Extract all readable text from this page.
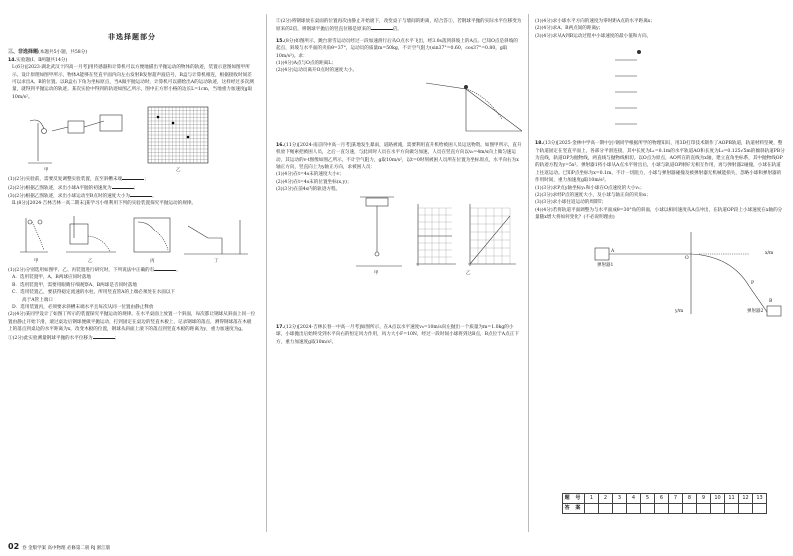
非选择题部分
三、非选择题(本题共5小题，共58分)
14.实验题(Ⅰ、Ⅱ两题共14分)
Ⅰ.(6分)[2023·湖北武汉十四高一月考]用传感器和计算机可以方便地描出平抛运动的物体的轨迹，装置示意图如图甲所示。设计原理如图甲所示，物体A能够在竖直平面内向左右发射B发射超声波信号，B盒与计算机相连，根据接收时间差可以求出A、B的位置。以B盒右下角为坐标原点，当A做平抛运动时，计算机可以描绘出A的运动轨迹，这样经过多次测量，就得到平抛运动的轨迹。某次实验中得到的轨迹如图乙所示，图中正方形小格的边长L=1cm，当地重力加速度g取10m/s²。
甲	乙
(1)(2分)实验前，需要反复调整实验装置，直至斜槽末端	；
(2)(2分)根据乙图轨迹，求出小球A平抛的初速度为	；
(3)(2分)根据乙图轨迹，求出小球运动至B点时的速度大小为	。
Ⅱ.(8分)[2024·吉林吉林一高二期末]某学习小组利用下列的实验装置探究平抛运动的规律。
甲	乙	丙	丁
(1)(2分)分别选用如图甲、乙、丙装置进行研究时，下列说法中正确的有	。
A．选用装置甲，A、B两球应同时落地
B．选用装置甲，需要用眼睛仔细观察A、B两球是否同时落地
C．选用装置乙，要获得稳定流速的水柱，所用竖直管A的上端必须处在水面以下
高于A管上端口
D．选用装置丙，必须要求斜槽末端水平且每次从同一位置由静止释放
(2)(4分)某同学设计了如图丁所示的装置探究平抛运动的规律。在水平桌面上放置一个斜面，每次都让钢球从斜面上同一位置由静止开始下滑，滚过桌边后钢球便做平抛运动，打到固定在桌边的竖直木板上，记录钢球的落点，测得钢球落在木板上的落点到桌边的水平距离为x，改变木板的位置，钢球从斜面上滚下的落点到竖直木板的距离为y，重力加速度为g。
①(2分)此实验测量钢球平抛的水平位移为	；
②(2分)将钢球放在桌面的位置再次由静止开始滚下，改变桌子与墙间的距离，结合答①，若钢球平抛的实际水平位移变为原来的2倍，则钢球平抛后的竖直位移是原来的	倍。
15.(8分)如图所示，跳台滑雪运动员经过一段加速滑行后从O点水平飞出，经3.0s落到斜坡上的A点。已知O点是斜坡的起点，斜坡与水平面的夹角θ=37°，运动员的质量m=50kg，不计空气阻力(sin37°=0.60，cos37°=0.80，g取10m/s²)。求：
(1)(4分)A点与O点的距离L；
(2)(4分)运动员离开O点时的速度大小。
16.(11分)[2024·南京四中高一月考]某地发生暴雨，道路被淹，需要利用直升机给被困人员运送物资。如图甲所示，直升机放下绳索把被困人员，之后一直匀速，与此同时人员在水平方向做匀加速，人员在竖直方向以v₀=4m/s向上做匀速运动，其运动的v-t图像如图乙所示，不计空气阻力，g取10m/s²，以t=0时刻被困人员所在位置为坐标原点，水平向右为x轴正方向，竖直向上为y轴正方向，求被困人员：
(1)(4分)在t=4s末的速度大小v；
(2)(4分)在t=4s末的位置坐标(x,y)；
(3)(3分)在前4s内的轨迹方程。
甲	乙
17.(12分)[2024·吉林长春一中高一月考]如图所示，在A点以水平速度v₀=10m/s向左抛出一个质量为m=1.0kg的小球，小球抛出后始终受到水平向右的恒定风力作用，风力大小F=10N，经过一段时间小球将到达B点，B点位于A点正下方，重力加速度g取10m/s²。
(1)(4分)求小球水平方向的速度为零时距A点的水平距离x；
(2)(4分)求A、B两点间的距离y；
(3)(4分)求从A到B运动过程中小球速度的最小值和方向。
18.(13分)[2025·金林中学高一期中]小钢同学根据所学的物理知识，用3D打印技术制作了AOPB轨道，轨道材料坚硬，整个轨道固定在竖直平面上，各部分平滑连接，其中长度为L₁=0.1m的水平轨道AO和长度为L₂=0.125√5m的倾斜轨道PB分为直线，轨道OP为抛物线，两直线与抛物线相切。以O点为原点，AO所在的直线为x轴，建立直角坐标系，其中抛物线OP的轨迹方程为y=5x²。弹射器1将小球从A点水平射出后，小球与轨道OP刚好无相互作用，再与弹射器2碰撞，小球在轨道上往返运动。已知P点坐标为x=0.1m，不计一切阻力，小球与弹射器碰撞及被弹射器无机械能损失，忽略小球和弹射器的作用时间，重力加速度g取10m/s²。
(1)(3分)求P点y轴坐标y₁和小球在O点速度的大小v₁；
(2)(3分)求经P点的速度大小，及小球与轴正向的夹角α；
(3)(3分)求小球往返运动的周期T；
(4)(4分)若将轨道平面调整为与水平面成θ=30°角的斜面，小球以相同速度从A点冲出，在轨道OP段上小球速度在x轴的分量随x增大将如何变化？(不必说明理由)
弹射器1
弹射器2
A
O
P
B
x/m
y/m
题 号	1	2	3	4	5	6	7	8	9	10	11	12	13
答 案													
02 卷 金版学案 高中物理 必修第二册 RJ 浙江版
